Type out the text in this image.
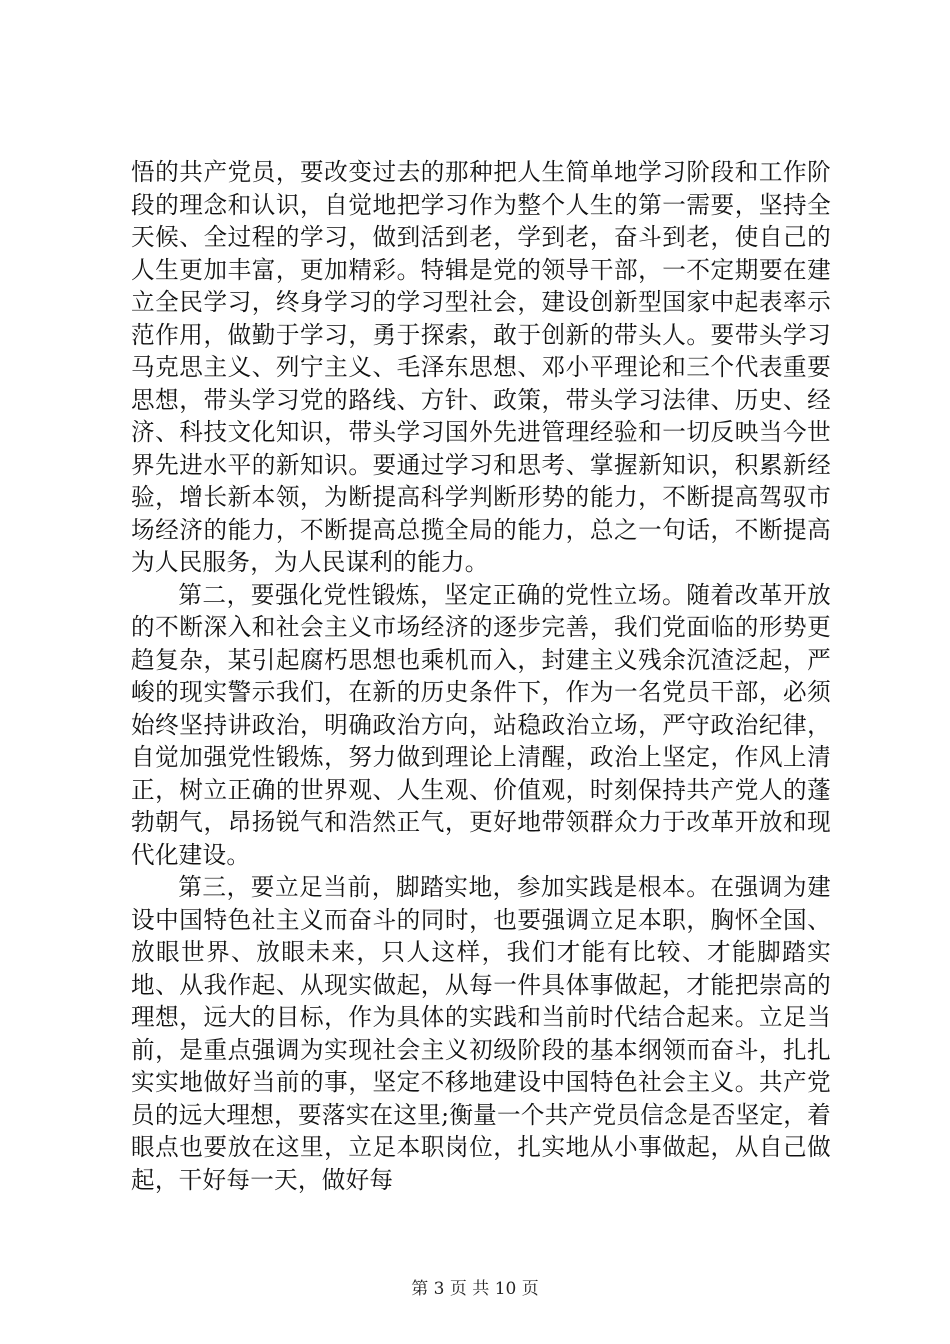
悟的共产党员，要改变过去的那种把人生简单地学习阶段和工作阶段的理念和认识，自觉地把学习作为整个人生的第一需要，坚持全天候、全过程的学习，做到活到老，学到老，奋斗到老，使自己的人生更加丰富，更加精彩。特辑是党的领导干部，一不定期要在建立全民学习，终身学习的学习型社会，建设创新型国家中起表率示范作用，做勤于学习，勇于探索，敢于创新的带头人。要带头学习马克思主义、列宁主义、毛泽东思想、邓小平理论和三个代表重要思想，带头学习党的路线、方针、政策，带头学习法律、历史、经济、科技文化知识，带头学习国外先进管理经验和一切反映当今世界先进水平的新知识。要通过学习和思考、掌握新知识，积累新经验，增长新本领，为断提高科学判断形势的能力，不断提高驾驭市场经济的能力，不断提高总揽全局的能力，总之一句话，不断提高为人民服务，为人民谋利的能力。

第二，要强化党性锻炼，坚定正确的党性立场。随着改革开放的不断深入和社会主义市场经济的逐步完善，我们党面临的形势更趋复杂，某引起腐朽思想也乘机而入，封建主义残余沉渣泛起，严峻的现实警示我们，在新的历史条件下，作为一名党员干部，必须始终坚持讲政治，明确政治方向，站稳政治立场，严守政治纪律，自觉加强党性锻炼，努力做到理论上清醒，政治上坚定，作风上清正，树立正确的世界观、人生观、价值观，时刻保持共产党人的蓬勃朝气，昂扬锐气和浩然正气，更好地带领群众力于改革开放和现代化建设。

第三，要立足当前，脚踏实地，参加实践是根本。在强调为建设中国特色社主义而奋斗的同时，也要强调立足本职，胸怀全国、放眼世界、放眼未来，只人这样，我们才能有比较、才能脚踏实地、从我作起、从现实做起，从每一件具体事做起，才能把崇高的理想，远大的目标，作为具体的实践和当前时代结合起来。立足当前，是重点强调为实现社会主义初级阶段的基本纲领而奋斗，扎扎实实地做好当前的事，坚定不移地建设中国特色社会主义。共产党员的远大理想，要落实在这里;衡量一个共产党员信念是否坚定，着眼点也要放在这里，立足本职岗位，扎实地从小事做起，从自己做起，干好每一天，做好每

第 3 页 共 10 页
